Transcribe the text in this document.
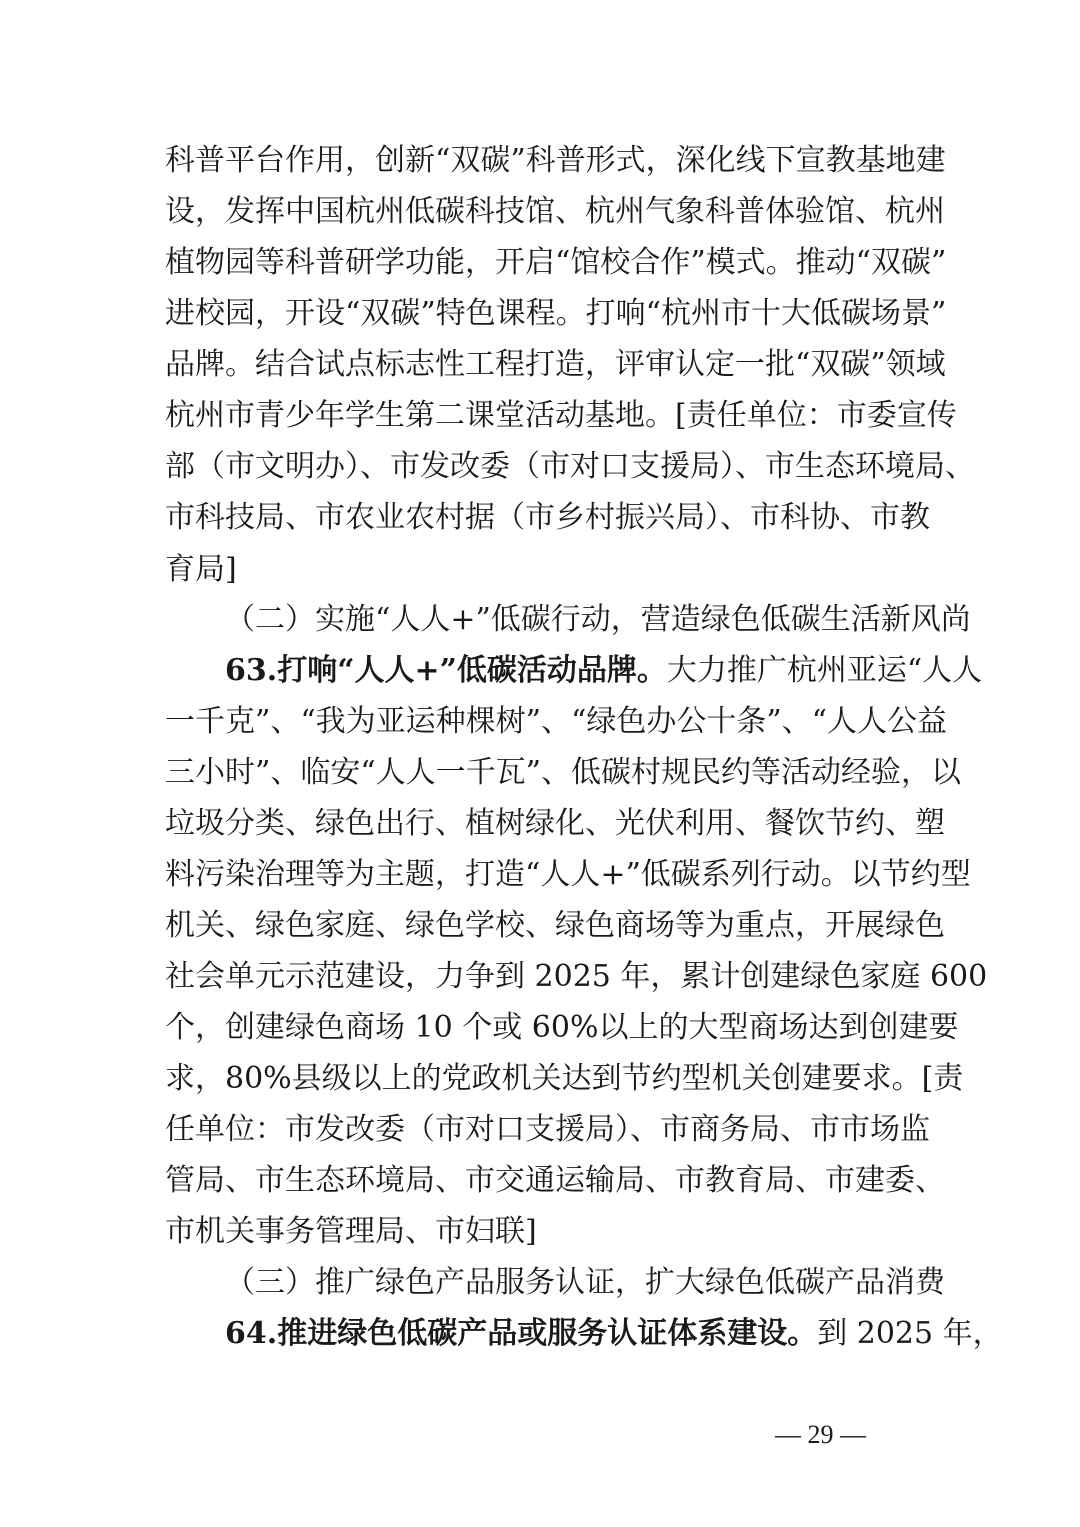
科普平台作用，创新“双碳”科普形式，深化线下宣教基地建
设，发挥中国杭州低碳科技馆、杭州气象科普体验馆、杭州
植物园等科普研学功能，开启“馆校合作”模式。推动“双碳”
进校园，开设“双碳”特色课程。打响“杭州市十大低碳场景”
品牌。结合试点标志性工程打造，评审认定一批“双碳”领域
杭州市青少年学生第二课堂活动基地。[责任单位：市委宣传
部（市文明办）、市发改委（市对口支援局）、市生态环境局、
市科技局、市农业农村据（市乡村振兴局）、市科协、市教
育局]
（二）实施“人人+”低碳行动，营造绿色低碳生活新风尚
63.打响“人人+”低碳活动品牌。大力推广杭州亚运“人人
一千克”、“我为亚运种棵树”、“绿色办公十条”、“人人公益
三小时”、临安“人人一千瓦”、低碳村规民约等活动经验，以
垃圾分类、绿色出行、植树绿化、光伏利用、餐饮节约、塑
料污染治理等为主题，打造“人人+”低碳系列行动。以节约型
机关、绿色家庭、绿色学校、绿色商场等为重点，开展绿色
社会单元示范建设，力争到 2025 年，累计创建绿色家庭 600
个，创建绿色商场 10 个或 60%以上的大型商场达到创建要
求，80%县级以上的党政机关达到节约型机关创建要求。[责
任单位：市发改委（市对口支援局）、市商务局、市市场监
管局、市生态环境局、市交通运输局、市教育局、市建委、
市机关事务管理局、市妇联]
（三）推广绿色产品服务认证，扩大绿色低碳产品消费
64.推进绿色低碳产品或服务认证体系建设。到 2025 年，
— 29 —
